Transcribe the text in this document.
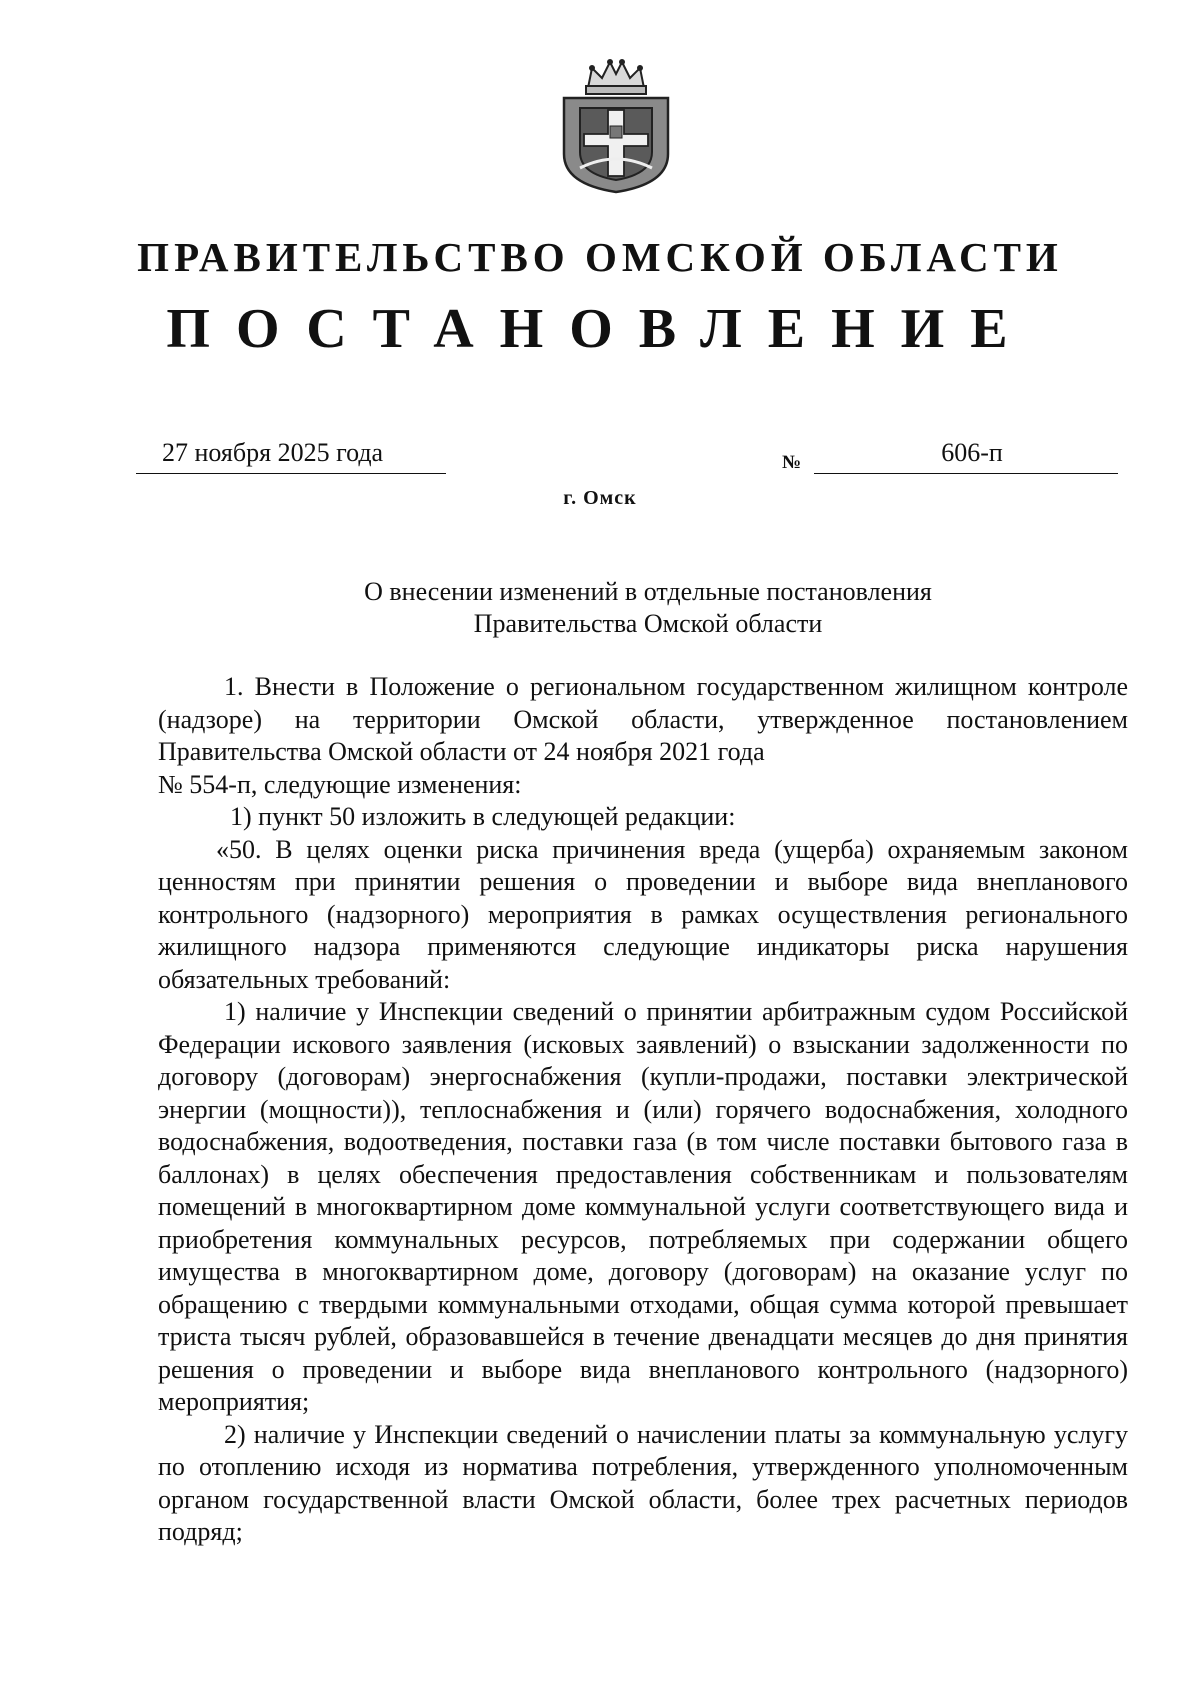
ПРАВИТЕЛЬСТВО ОМСКОЙ ОБЛАСТИ
ПОСТАНОВЛЕНИЕ
27 ноября 2025 года	№	606-п
г. Омск
О внесении изменений в отдельные постановления
Правительства Омской области

1. Внести в Положение о региональном государственном жилищном контроле (надзоре) на территории Омской области, утвержденное постановлением Правительства Омской области от 24 ноября 2021 года

№ 554-п, следующие изменения:

1) пункт 50 изложить в следующей редакции:

«50. В целях оценки риска причинения вреда (ущерба) охраняемым законом ценностям при принятии решения о проведении и выборе вида внепланового контрольного (надзорного) мероприятия в рамках осуществления регионального жилищного надзора применяются следующие индикаторы риска нарушения обязательных требований:

1) наличие у Инспекции сведений о принятии арбитражным судом Российской Федерации искового заявления (исковых заявлений) о взыскании задолженности по договору (договорам) энергоснабжения (купли-продажи, поставки электрической энергии (мощности)), теплоснабжения и (или) горячего водоснабжения, холодного водоснабжения, водоотведения, поставки газа (в том числе поставки бытового газа в баллонах) в целях обеспечения предоставления собственникам и пользователям помещений в многоквартирном доме коммунальной услуги соответствующего вида и приобретения коммунальных ресурсов, потребляемых при содержании общего имущества в многоквартирном доме, договору (договорам) на оказание услуг по обращению с твердыми коммунальными отходами, общая сумма которой превышает триста тысяч рублей, образовавшейся в течение двенадцати месяцев до дня принятия решения о проведении и выборе вида внепланового контрольного (надзорного) мероприятия;

2) наличие у Инспекции сведений о начислении платы за коммунальную услугу по отоплению исходя из норматива потребления, утвержденного уполномоченным органом государственной власти Омской области, более трех расчетных периодов подряд;
